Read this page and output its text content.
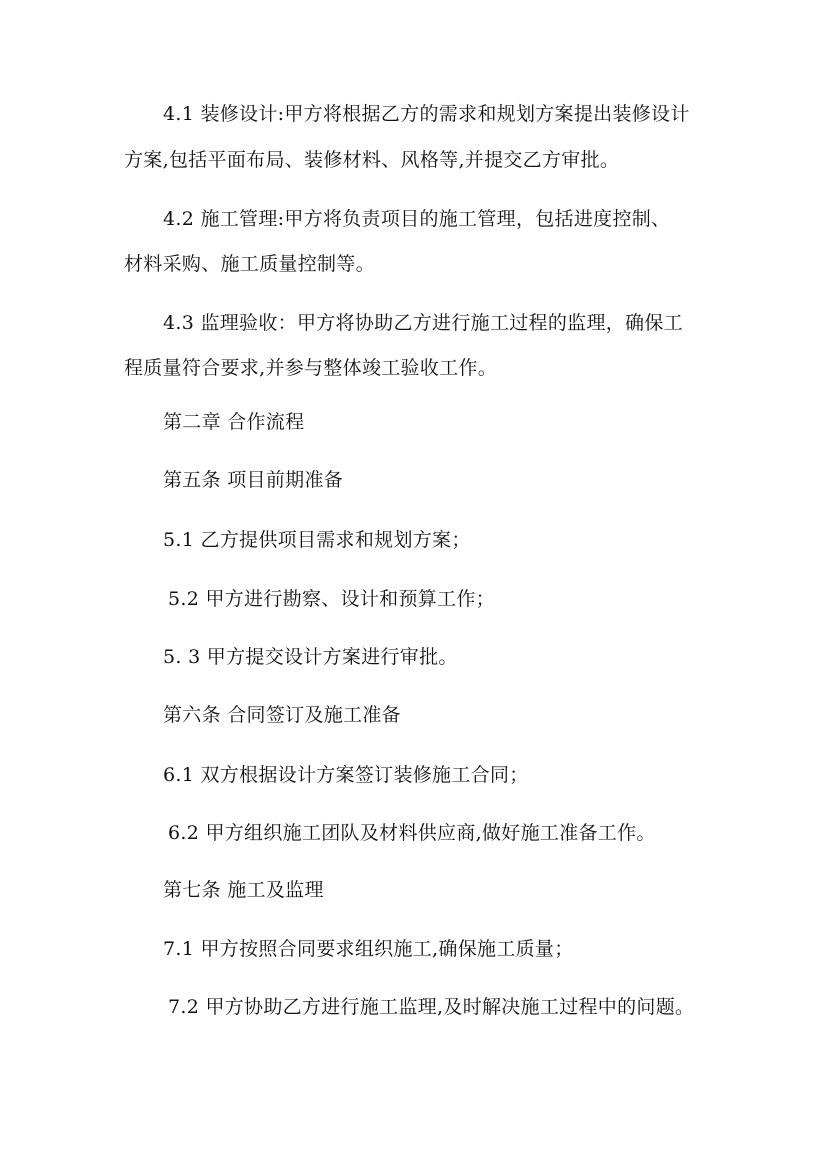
4.1 装修设计:甲方将根据乙方的需求和规划方案提出装修设计
方案,包括平面布局、装修材料、风格等,并提交乙方审批。
4.2 施工管理:甲方将负责项目的施工管理，包括进度控制、
材料采购、施工质量控制等。
4.3 监理验收：甲方将协助乙方进行施工过程的监理，确保工
程质量符合要求,并参与整体竣工验收工作。
第二章 合作流程
第五条 项目前期准备
5.1 乙方提供项目需求和规划方案；
5.2 甲方进行勘察、设计和预算工作；
5. 3 甲方提交设计方案进行审批。
第六条 合同签订及施工准备
6.1 双方根据设计方案签订装修施工合同；
6.2 甲方组织施工团队及材料供应商,做好施工准备工作。
第七条 施工及监理
7.1 甲方按照合同要求组织施工,确保施工质量；
7.2 甲方协助乙方进行施工监理,及时解决施工过程中的问题。
